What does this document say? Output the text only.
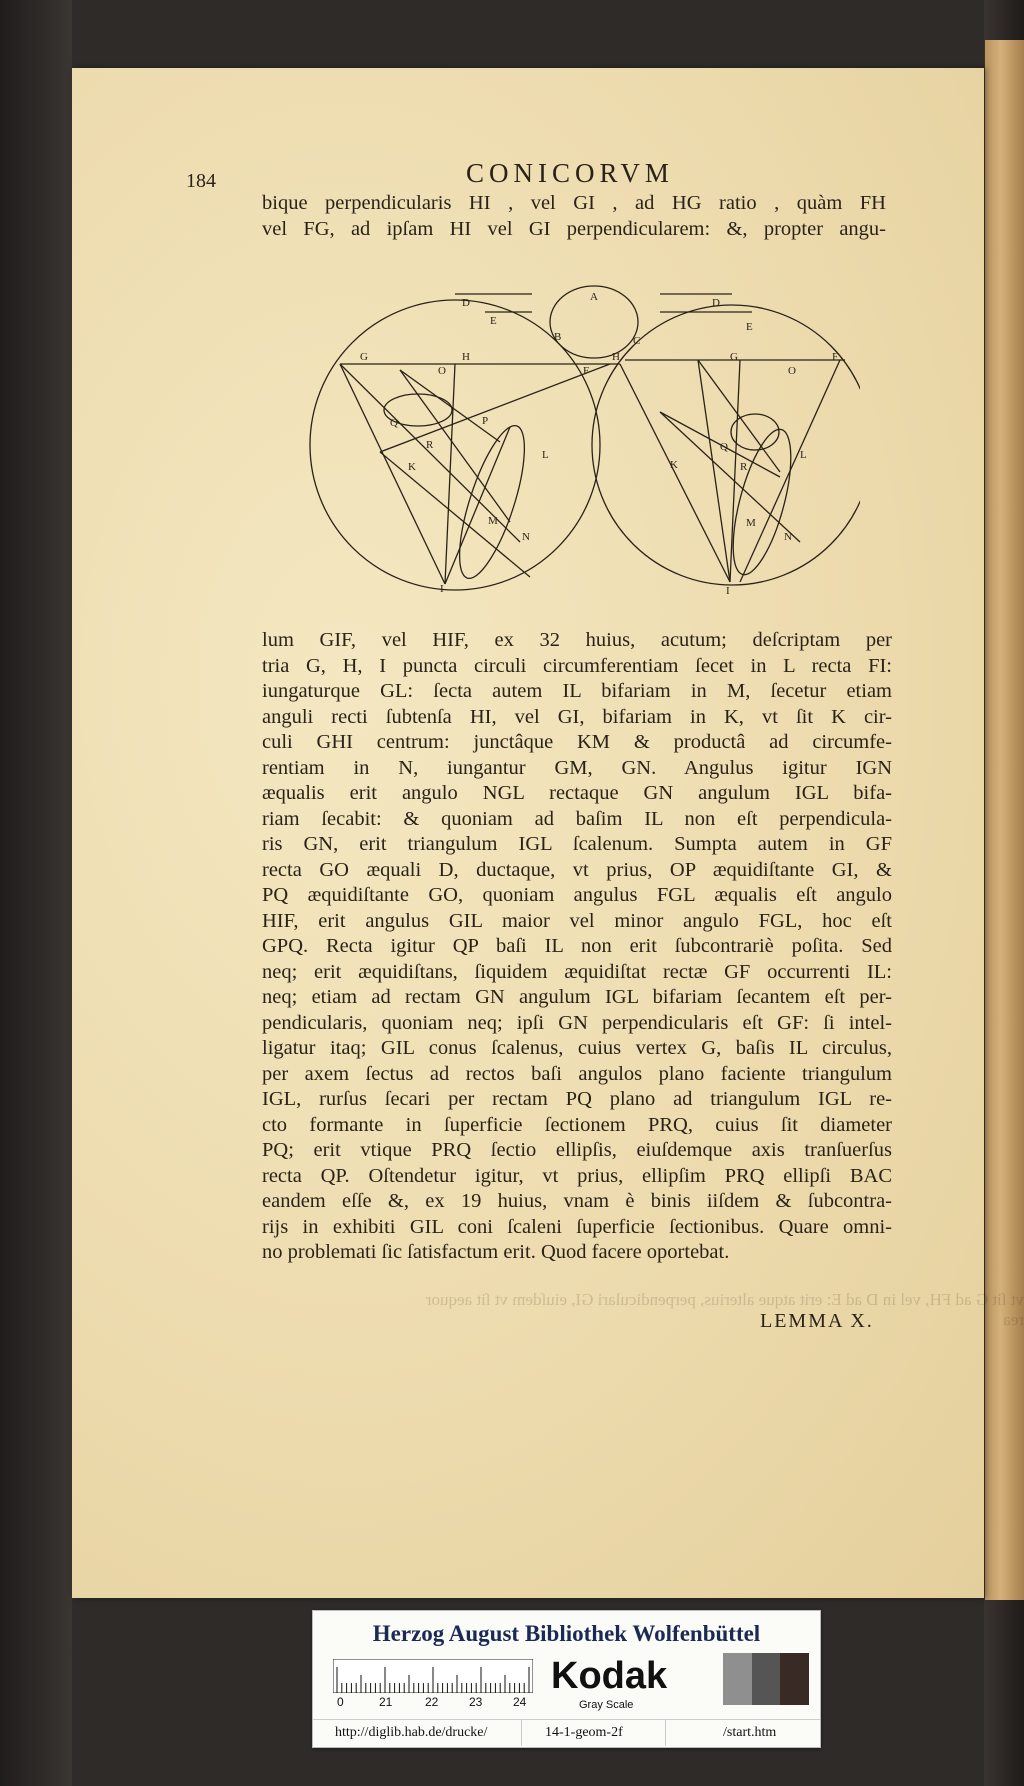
184	CONICORVM
bique perpendicularis HI , vel GI , ad HG ratio , quàm FH
vel FG, ad ipſam HI vel GI perpendicularem: &, propter angu-
D
E
A
B	C
D
E
G	H
O	F
H	G
O
F
Q	P
R
K
L
M
N
I
Q
R
K
L
M
N
I
lum GIF, vel HIF, ex 32 huius, acutum; deſcriptam per
tria G, H, I puncta circuli circumferentiam ſecet in L recta FI:
iungaturque GL: ſecta autem IL bifariam in M, ſecetur etiam
anguli recti ſubtenſa HI, vel GI, bifariam in K, vt ſit K cir-
culi GHI centrum: junctâque KM & productâ ad circumfe-
rentiam in N, iungantur GM, GN. Angulus igitur IGN
æqualis erit angulo NGL rectaque GN angulum IGL bifa-
riam ſecabit: & quoniam ad baſim IL non eſt perpendicula-
ris GN, erit triangulum IGL ſcalenum. Sumpta autem in GF
recta GO æquali D, ductaque, vt prius, OP æquidiſtante GI, &
PQ æquidiſtante GO, quoniam angulus FGL æqualis eſt angulo
HIF, erit angulus GIL maior vel minor angulo FGL, hoc eſt
GPQ. Recta igitur QP baſi IL non erit ſubcontrariè poſita. Sed
neq; erit æquidiſtans, ſiquidem æquidiſtat rectæ GF occurrenti IL:
neq; etiam ad rectam GN angulum IGL bifariam ſecantem eſt per-
pendicularis, quoniam neq; ipſi GN perpendicularis eſt GF: ſi intel-
ligatur itaq; GIL conus ſcalenus, cuius vertex G, baſis IL circulus,
per axem ſectus ad rectos baſi angulos plano faciente triangulum
IGL, rurſus ſecari per rectam PQ plano ad triangulum IGL re-
cto formante in ſuperficie ſectionem PRQ, cuius ſit diameter
PQ; erit vtique PRQ ſectio ellipſis, eiuſdemque axis tranſuerſus
recta QP. Oſtendetur igitur, vt prius, ellipſim PRQ ellipſi BAC
eandem eſſe &, ex 19 huius, vnam è binis iiſdem & ſubcontra-
rijs in exhibiti GIL coni ſcaleni ſuperficie ſectionibus. Quare omni-
no problemati ſic ſatisfactum erit. Quod facere oportebat.
vt ſit G ad FH, vel in D ad E: erit atque alterius, perpendiculari GI, eiuſdem vt ſit aequor rea
LEMMA X.
Herzog August Bibliothek Wolfenbüttel
0	21	22	23	24
Kodak
Gray Scale
http://diglib.hab.de/drucke/	14-1-geom-2f	/start.htm
